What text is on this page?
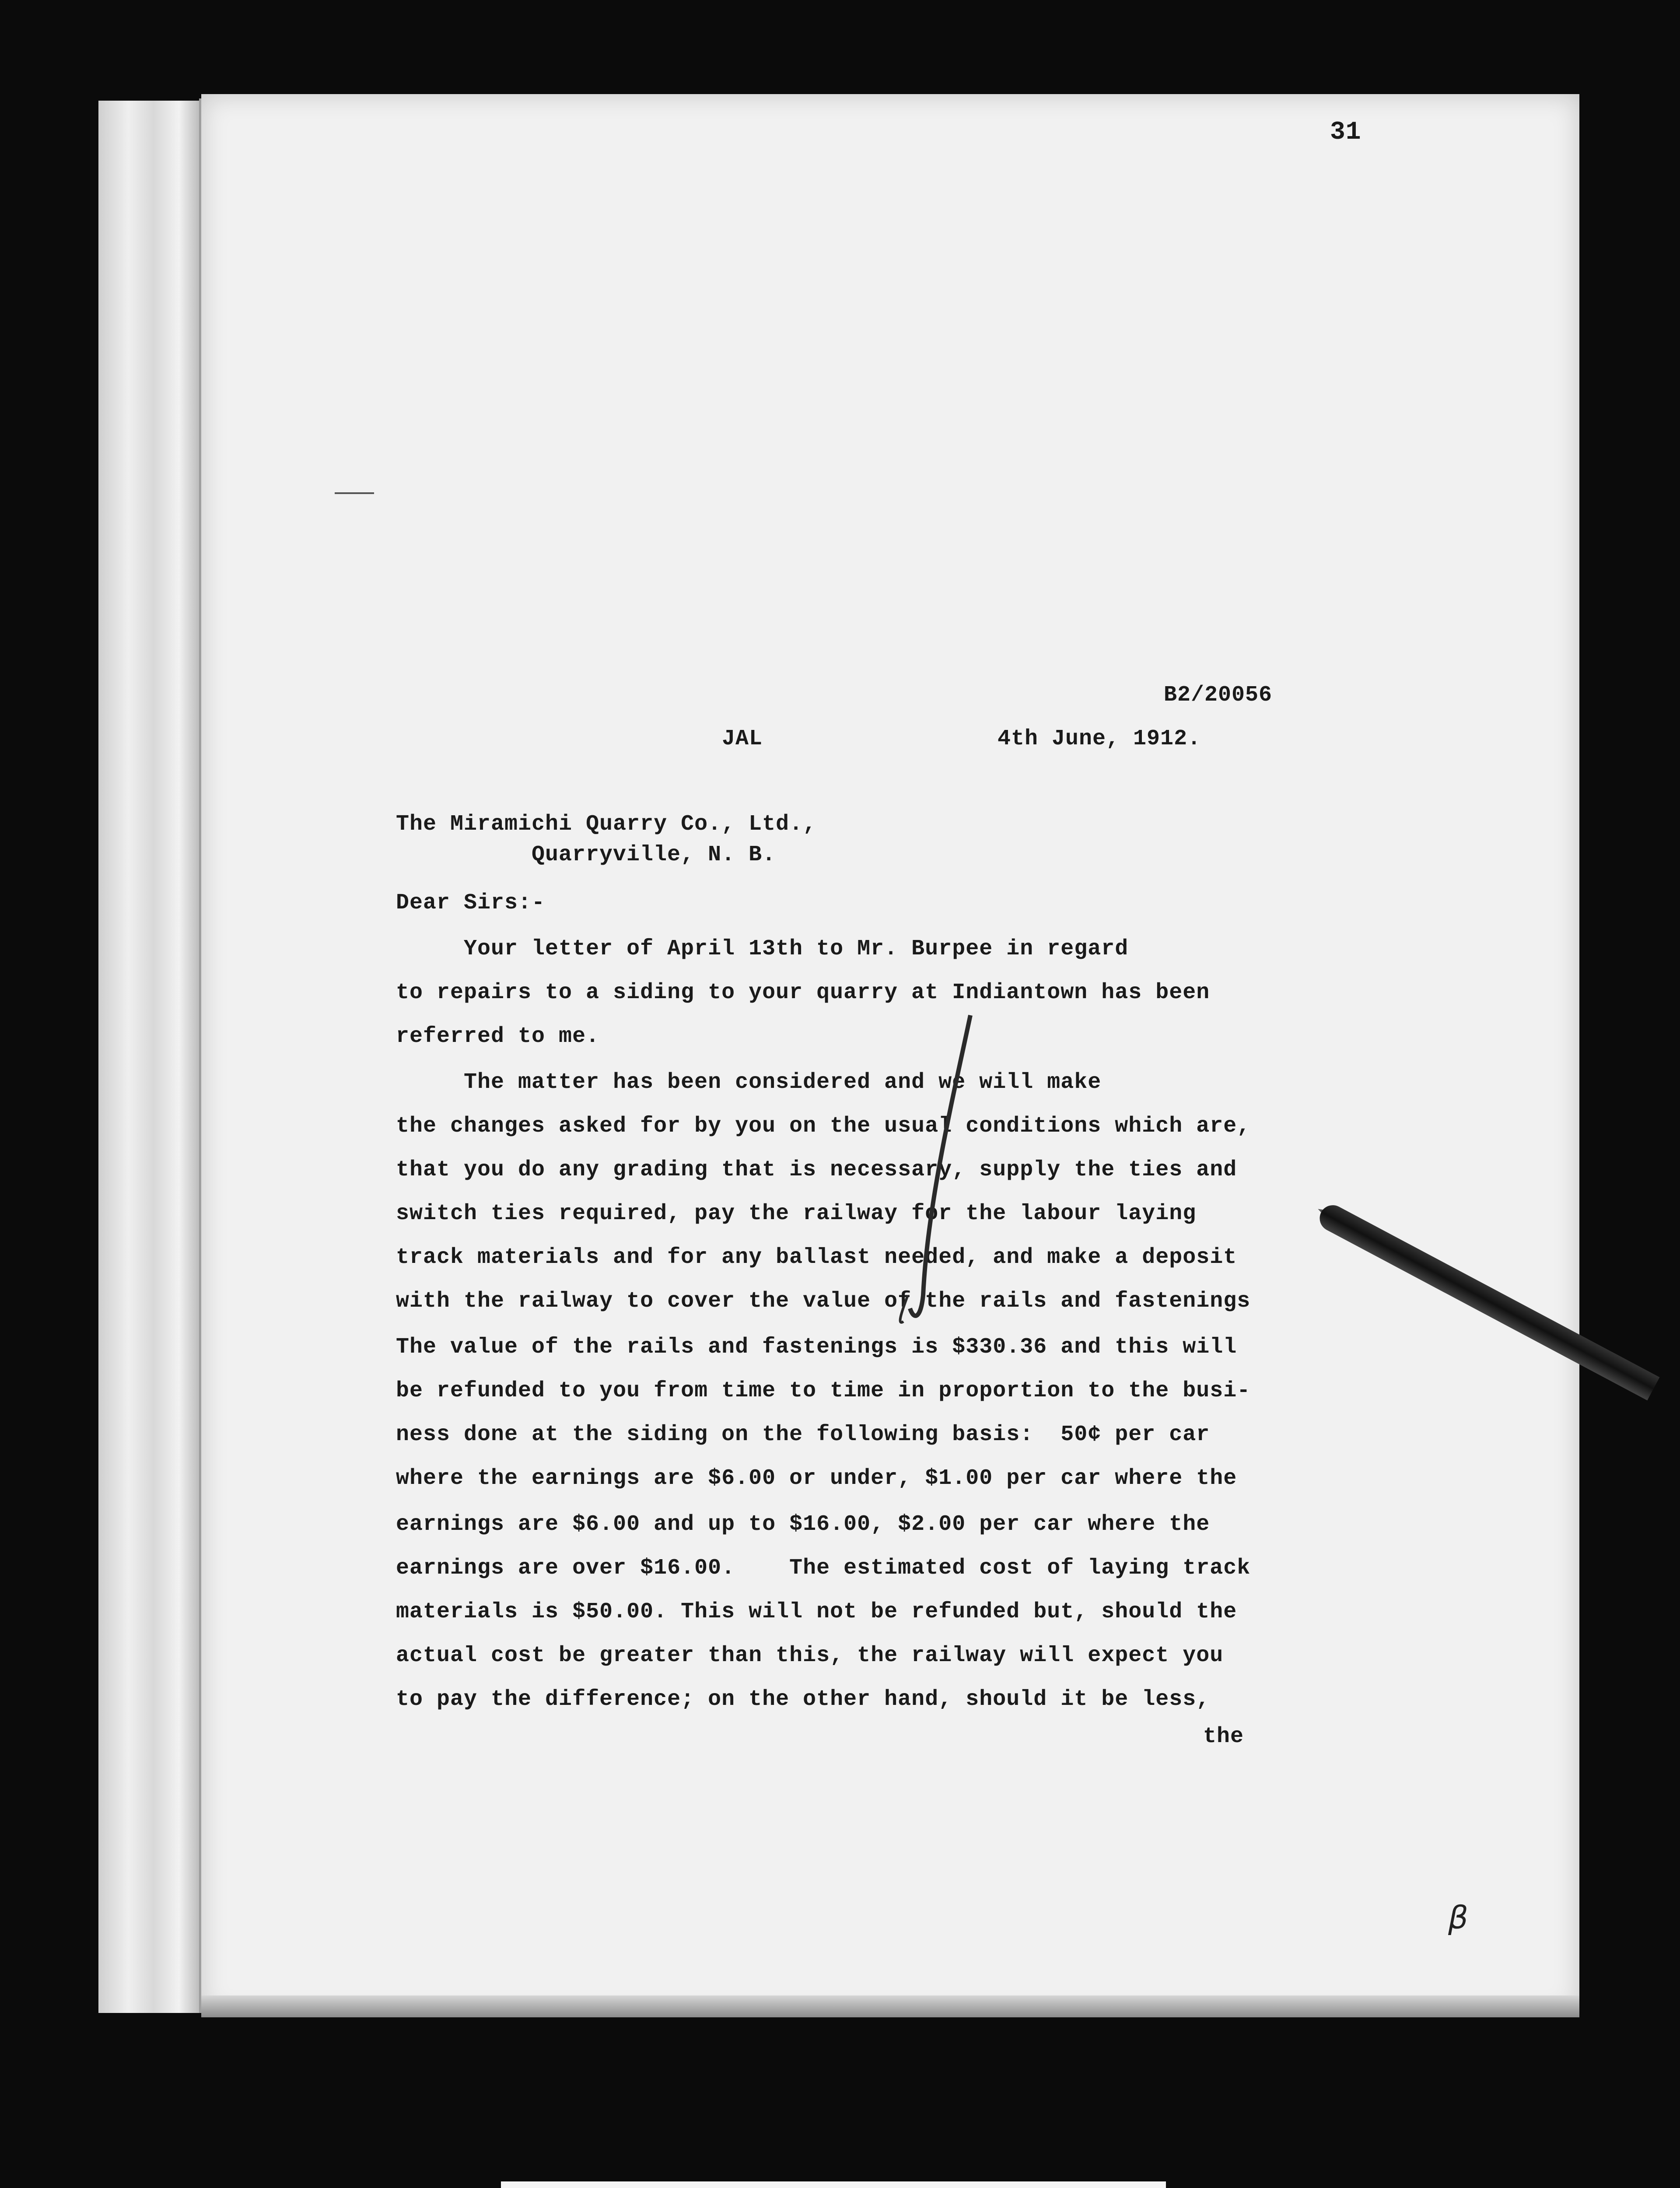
31
B2/20056
JAL	4th June, 1912.
The Miramichi Quarry Co., Ltd.,
Quarryville, N. B.
Dear Sirs:-
Your letter of April 13th to Mr. Burpee in regard
to repairs to a siding to your quarry at Indiantown has been
referred to me.
The matter has been considered and we will make
the changes asked for by you on the usual conditions which are,
that you do any grading that is necessary, supply the ties and
switch ties required, pay the railway for the labour laying
track materials and for any ballast needed, and make a deposit
with the railway to cover the value of the rails and fastenings
The value of the rails and fastenings is $330.36 and this will
be refunded to you from time to time in proportion to the busi-
ness done at the siding on the following basis:  50¢ per car
where the earnings are $6.00 or under, $1.00 per car where the
earnings are $6.00 and up to $16.00, $2.00 per car where the
earnings are over $16.00.    The estimated cost of laying track
materials is $50.00. This will not be refunded but, should the
actual cost be greater than this, the railway will expect you
to pay the difference; on the other hand, should it be less,
the
β
